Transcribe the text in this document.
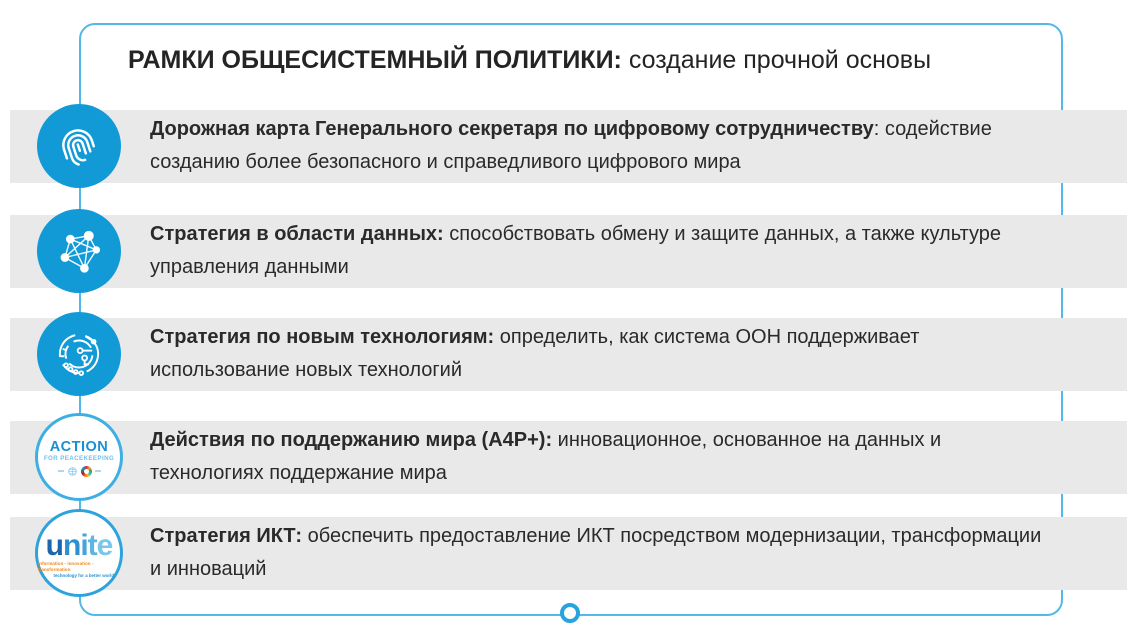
РАМКИ ОБЩЕСИСТЕМНЫЙ ПОЛИТИКИ: создание прочной основы

Дорожная карта Генерального секретаря по цифровому сотрудничеству: содействие созданию более безопасного и справедливого цифрового мира

Стратегия в области данных: способствовать обмену и защите данных, а также культуре управления данными

Стратегия по новым технологиям: определить, как система ООН поддерживает использование новых технологий

Действия по поддержанию мира (A4P+): инновационное, основанное на данных и технологиях поддержание мира

Стратегия ИКТ: обеспечить предоставление ИКТ посредством модернизации, трансформации и инноваций

ACTION
FOR PEACEKEEPING
unite
information - innovation - transformation
technology for a better world
